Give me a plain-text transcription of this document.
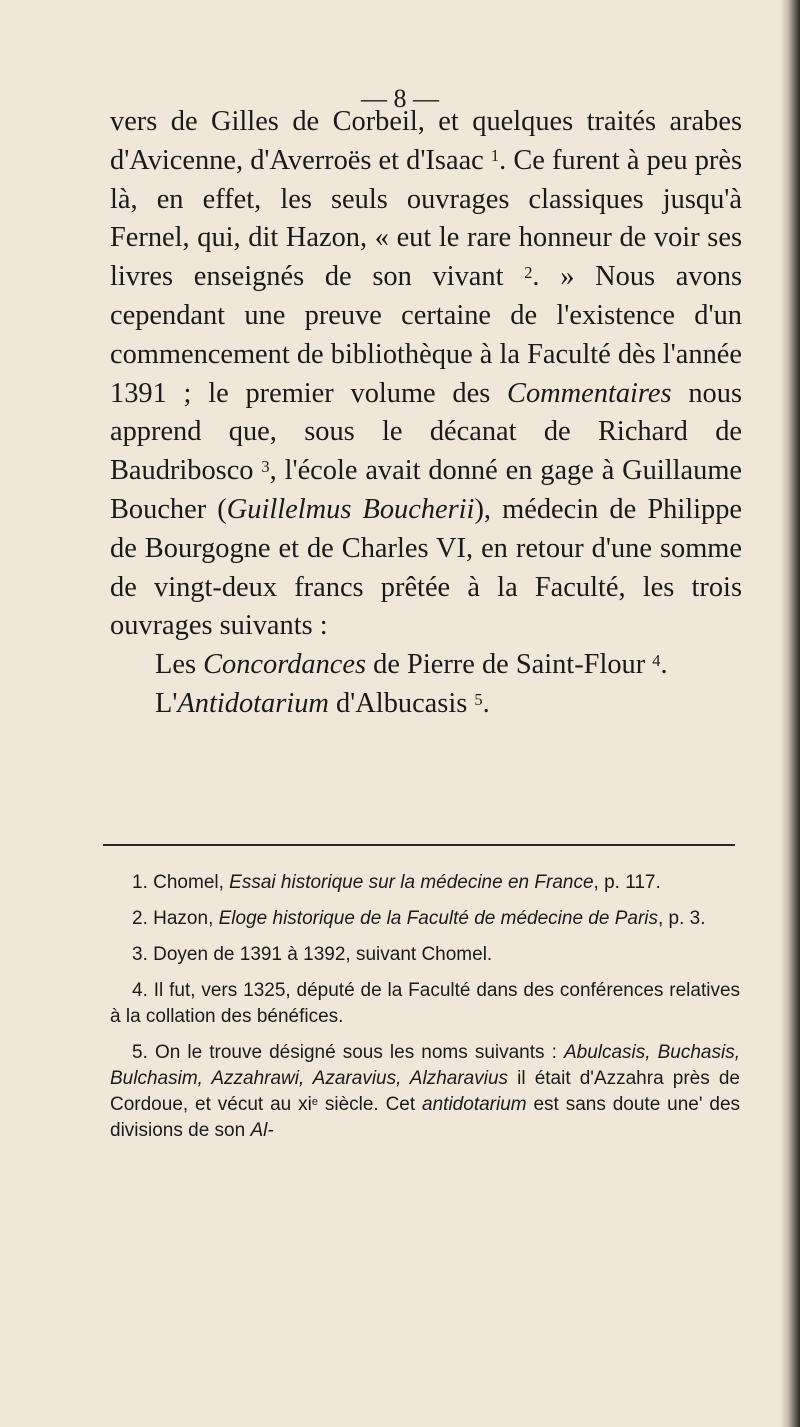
— 8 —

vers de Gilles de Corbeil, et quelques traités arabes d'Avicenne, d'Averroës et d'Isaac $^1$. Ce furent à peu près là, en effet, les seuls ouvrages classiques jusqu'à Fernel, qui, dit Hazon, « eut le rare honneur de voir ses livres enseignés de son vivant $^2$. » Nous avons cependant une preuve certaine de l'existence d'un commencement de bibliothèque à la Faculté dès l'année 1391 ; le premier volume des Commentaires nous apprend que, sous le décanat de Richard de Baudribosco $^3$, l'école avait donné en gage à Guillaume Boucher (Guillelmus Boucherii), médecin de Philippe de Bourgogne et de Charles VI, en retour d'une somme de vingt-deux francs prêtée à la Faculté, les trois ouvrages suivants :

Les Concordances de Pierre de Saint-Flour $^4$.
L'Antidotarium d'Albucasis $^5$.

1. Chomel, Essai historique sur la médecine en France, p. 117.

2. Hazon, Eloge historique de la Faculté de médecine de Paris, p. 3.

3. Doyen de 1391 à 1392, suivant Chomel.

4. Il fut, vers 1325, député de la Faculté dans des conférences relatives à la collation des bénéfices.

5. On le trouve désigné sous les noms suivants : Abulcasis, Buchasis, Bulchasim, Azzahrawi, Azaravius, Alzharavius il était d'Azzahra près de Cordoue, et vécut au $xi^e$ siècle. Cet antidotarium est sans doute une' des divisions de son Al-
